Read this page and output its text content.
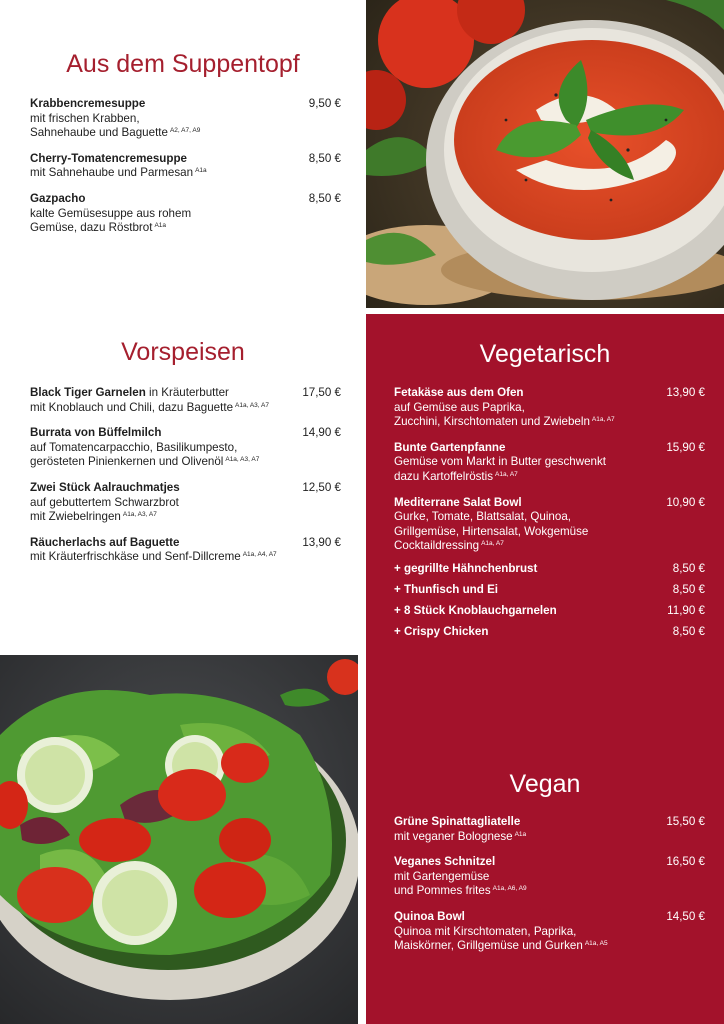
Aus dem Suppentopf
Krabbencremesuppe	9,50 €
mit frischen Krabben,
Sahnehaube und Baguette $^{A2, A7, A9}$
Cherry-Tomatencremesuppe	8,50 €
mit Sahnehaube und Parmesan $^{A1a}$
Gazpacho	8,50 €
kalte Gemüsesuppe aus rohem
Gemüse, dazu Röstbrot $^{A1a}$
Vorspeisen
Black Tiger Garnelen in Kräuterbutter	17,50 €
mit Knoblauch und Chili, dazu Baguette $^{A1a, A3, A7}$
Burrata von Büffelmilch	14,90 €
auf Tomatencarpacchio, Basilikumpesto,
gerösteten Pinienkernen und Olivenöl $^{A1a, A3, A7}$
Zwei Stück Aalrauchmatjes	12,50 €
auf gebuttertem Schwarzbrot
mit Zwiebelringen $^{A1a, A3, A7}$
Räucherlachs auf Baguette	13,90 €
mit Kräuterfrischkäse und Senf-Dillcreme $^{A1a, A4, A7}$
Vegetarisch
Fetakäse aus dem Ofen	13,90 €
auf Gemüse aus Paprika,
Zucchini, Kirschtomaten und Zwiebeln $^{A1a, A7}$
Bunte Gartenpfanne	15,90 €
Gemüse vom Markt in Butter geschwenkt
dazu Kartoffelröstis $^{A1a, A7}$
Mediterrane Salat Bowl	10,90 €
Gurke, Tomate, Blattsalat, Quinoa,
Grillgemüse, Hirtensalat, Wokgemüse
Cocktaildressing $^{A1a, A7}$
+ gegrillte Hähnchenbrust	8,50 €
+ Thunfisch und Ei	8,50 €
+ 8 Stück Knoblauchgarnelen	11,90 €
+ Crispy Chicken	8,50 €
Vegan
Grüne Spinattagliatelle	15,50 €
mit veganer Bolognese $^{A1a}$
Veganes Schnitzel	16,50 €
mit Gartengemüse
und Pommes frites $^{A1a, A6, A9}$
Quinoa Bowl	14,50 €
Quinoa mit Kirschtomaten, Paprika,
Maiskörner, Grillgemüse und Gurken $^{A1a, A5}$
